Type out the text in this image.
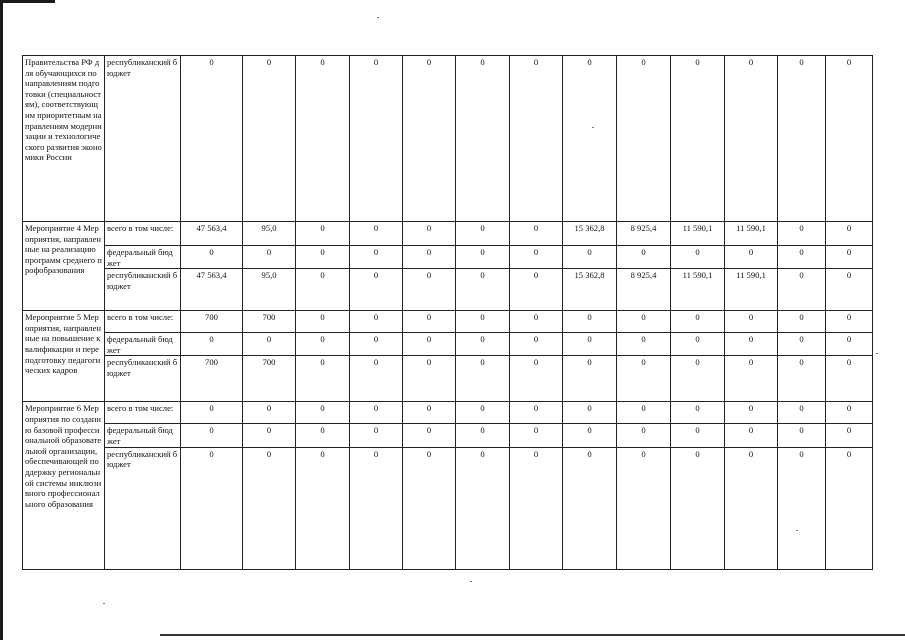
Правительства РФ для обучающихся по направлениям подготовки (специальностям), соответствующим приоритетным направлениям модернизации и технологического развития экономики России	республиканский бюджет	0	0	0	0	0	0	0	0	0	0	0	0	0
Мероприятие 4 Мероприятия, направленные на реализацию программ среднего профобразования	всего в том числе:	47 563,4	95,0	0	0	0	0	0	15 362,8	8 925,4	11 590,1	11 590,1	0	0
	федеральный бюджет	0	0	0	0	0	0	0	0	0	0	0	0	0
	республиканский бюджет	47 563,4	95,0	0	0	0	0	0	15 362,8	8 925,4	11 590,1	11 590,1	0	0
Мероприятие 5 Мероприятия, направленные на повышение квалификации и переподготовку педагогических кадров	всего в том числе:	700	700	0	0	0	0	0	0	0	0	0	0	0
	федеральный бюджет	0	0	0	0	0	0	0	0	0	0	0	0	0
	республиканский бюджет	700	700	0	0	0	0	0	0	0	0	0	0	0
Мероприятие 6 Мероприятия по созданию базовой профессиональной образовательной организации, обеспечивающей поддержку региональной системы инклюзивного профессионального образования	всего в том числе:	0	0	0	0	0	0	0	0	0	0	0	0	0
	федеральный бюджет	0	0	0	0	0	0	0	0	0	0	0	0	0
	республиканский бюджет	0	0	0	0	0	0	0	0	0	0	0	0	0
